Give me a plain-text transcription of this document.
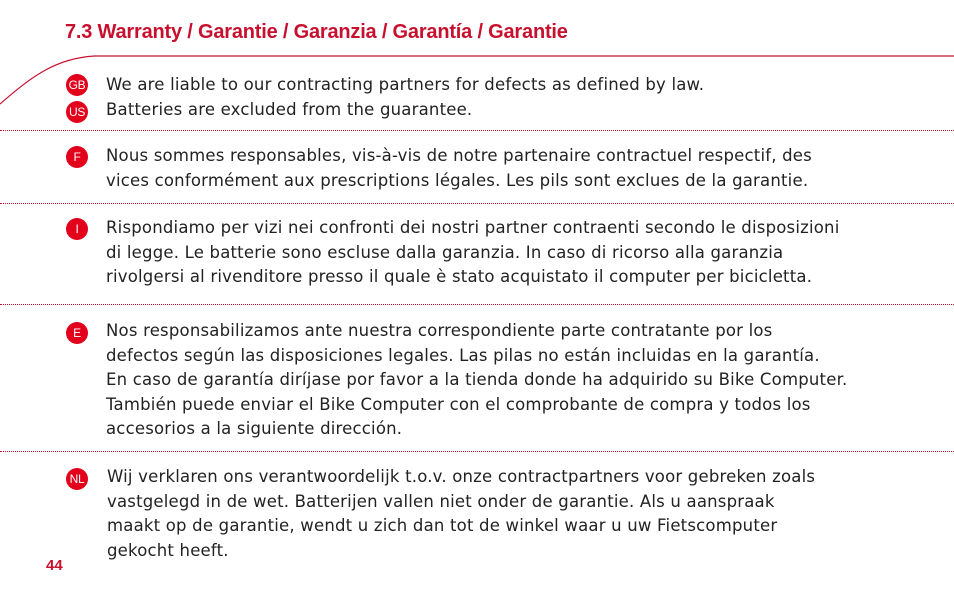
7.3 Warranty / Garantie / Garanzia / Garantía / Garantie
GB
US
We are liable to our contracting partners for defects as defined by law.
Batteries are excluded from the guarantee.
F	Nous sommes responsables, vis-à-vis de notre partenaire contractuel respectif, des
vices conformément aux prescriptions légales. Les pils sont exclues de la garantie.
I	Rispondiamo per vizi nei confronti dei nostri partner contraenti secondo le disposizioni
di legge. Le batterie sono escluse dalla garanzia. In caso di ricorso alla garanzia
rivolgersi al rivenditore presso il quale è stato acquistato il computer per bicicletta.
E	Nos responsabilizamos ante nuestra correspondiente parte contratante por los
defectos según las disposiciones legales. Las pilas no están incluidas en la garantía.
En caso de garantía diríjase por favor a la tienda donde ha adquirido su Bike Computer.
También puede enviar el Bike Computer con el comprobante de compra y todos los
accesorios a la siguiente dirección.
NL Wij verklaren ons verantwoordelijk t.o.v. onze contractpartners voor gebreken zoals
vastgelegd in de wet. Batterijen vallen niet onder de garantie. Als u aanspraak
maakt op de garantie, wendt u zich dan tot de winkel waar u uw Fietscomputer
gekocht heeft.
44
